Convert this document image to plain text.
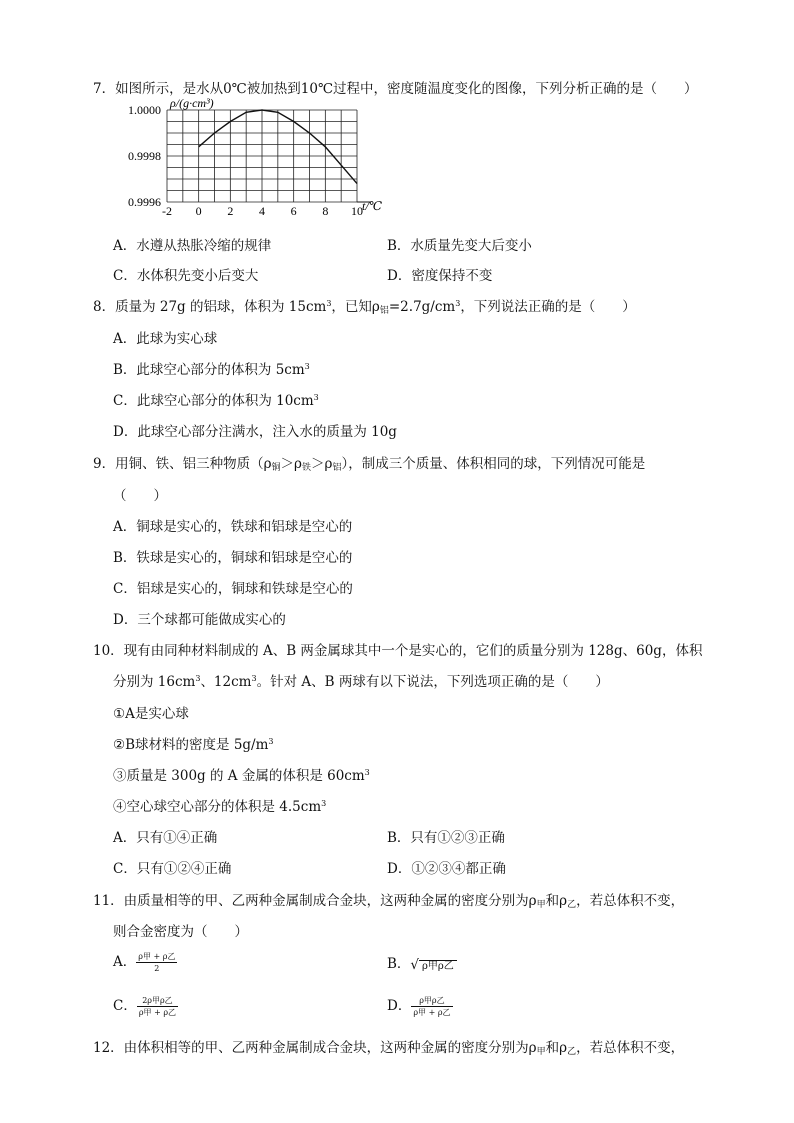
7．如图所示，是水从0℃被加热到10℃过程中，密度随温度变化的图像，下列分析正确的是（　　）
-2 0 2 4 6 8 10
1.0000
0.9998
0.9996
ρ/(g·cm³)
t/℃
A．水遵从热胀冷缩的规律	B．水质量先变大后变小
C．水体积先变小后变大	D．密度保持不变
8．质量为 27g 的铝球，体积为 $15cm^3$，已知$\rho_铝=2.7g/cm^3$，下列说法正确的是（　　）
A．此球为实心球
B．此球空心部分的体积为 $5cm^3$
C．此球空心部分的体积为 $10cm^3$
D．此球空心部分注满水，注入水的质量为 10g
9．用铜、铁、铝三种物质$(\rho_铜>\rho_铁>\rho_铝)$，制成三个质量、体积相同的球，下列情况可能是
（　　）
A．铜球是实心的，铁球和铝球是空心的
B．铁球是实心的，铜球和铝球是空心的
C．铝球是实心的，铜球和铁球是空心的
D．三个球都可能做成实心的
10．现有由同种材料制成的 A、B 两金属球其中一个是实心的，它们的质量分别为 128g、60g，体积
分别为 $16cm^3$、$12cm^3$。针对 A、B 两球有以下说法，下列选项正确的是（　　）
①A是实心球
②B球材料的密度是 $5g/m^3$
③质量是 300g 的 A 金属的体积是 $60cm^3$
④空心球空心部分的体积是 $4.5cm^3$
A．只有①④正确	B．只有①②③正确
C．只有①②④正确	D．①②③④都正确
11．由质量相等的甲、乙两种金属制成合金块，这两种金属的密度分别为$\rho_甲$和$\rho_乙$，若总体积不变，
则合金密度为（　　）
A． $\frac{\text{ρ甲 + ρ乙}}{2}$	B．√ ρ甲ρ乙
C． $\frac{\text{2ρ甲ρ乙}}{\text{ρ甲 + ρ乙}}$	D． $\frac{\text{ρ甲ρ乙}}{\text{ρ甲 + ρ乙}}$
12．由体积相等的甲、乙两种金属制成合金块，这两种金属的密度分别为$\rho_甲$和$\rho_乙$，若总体积不变，
